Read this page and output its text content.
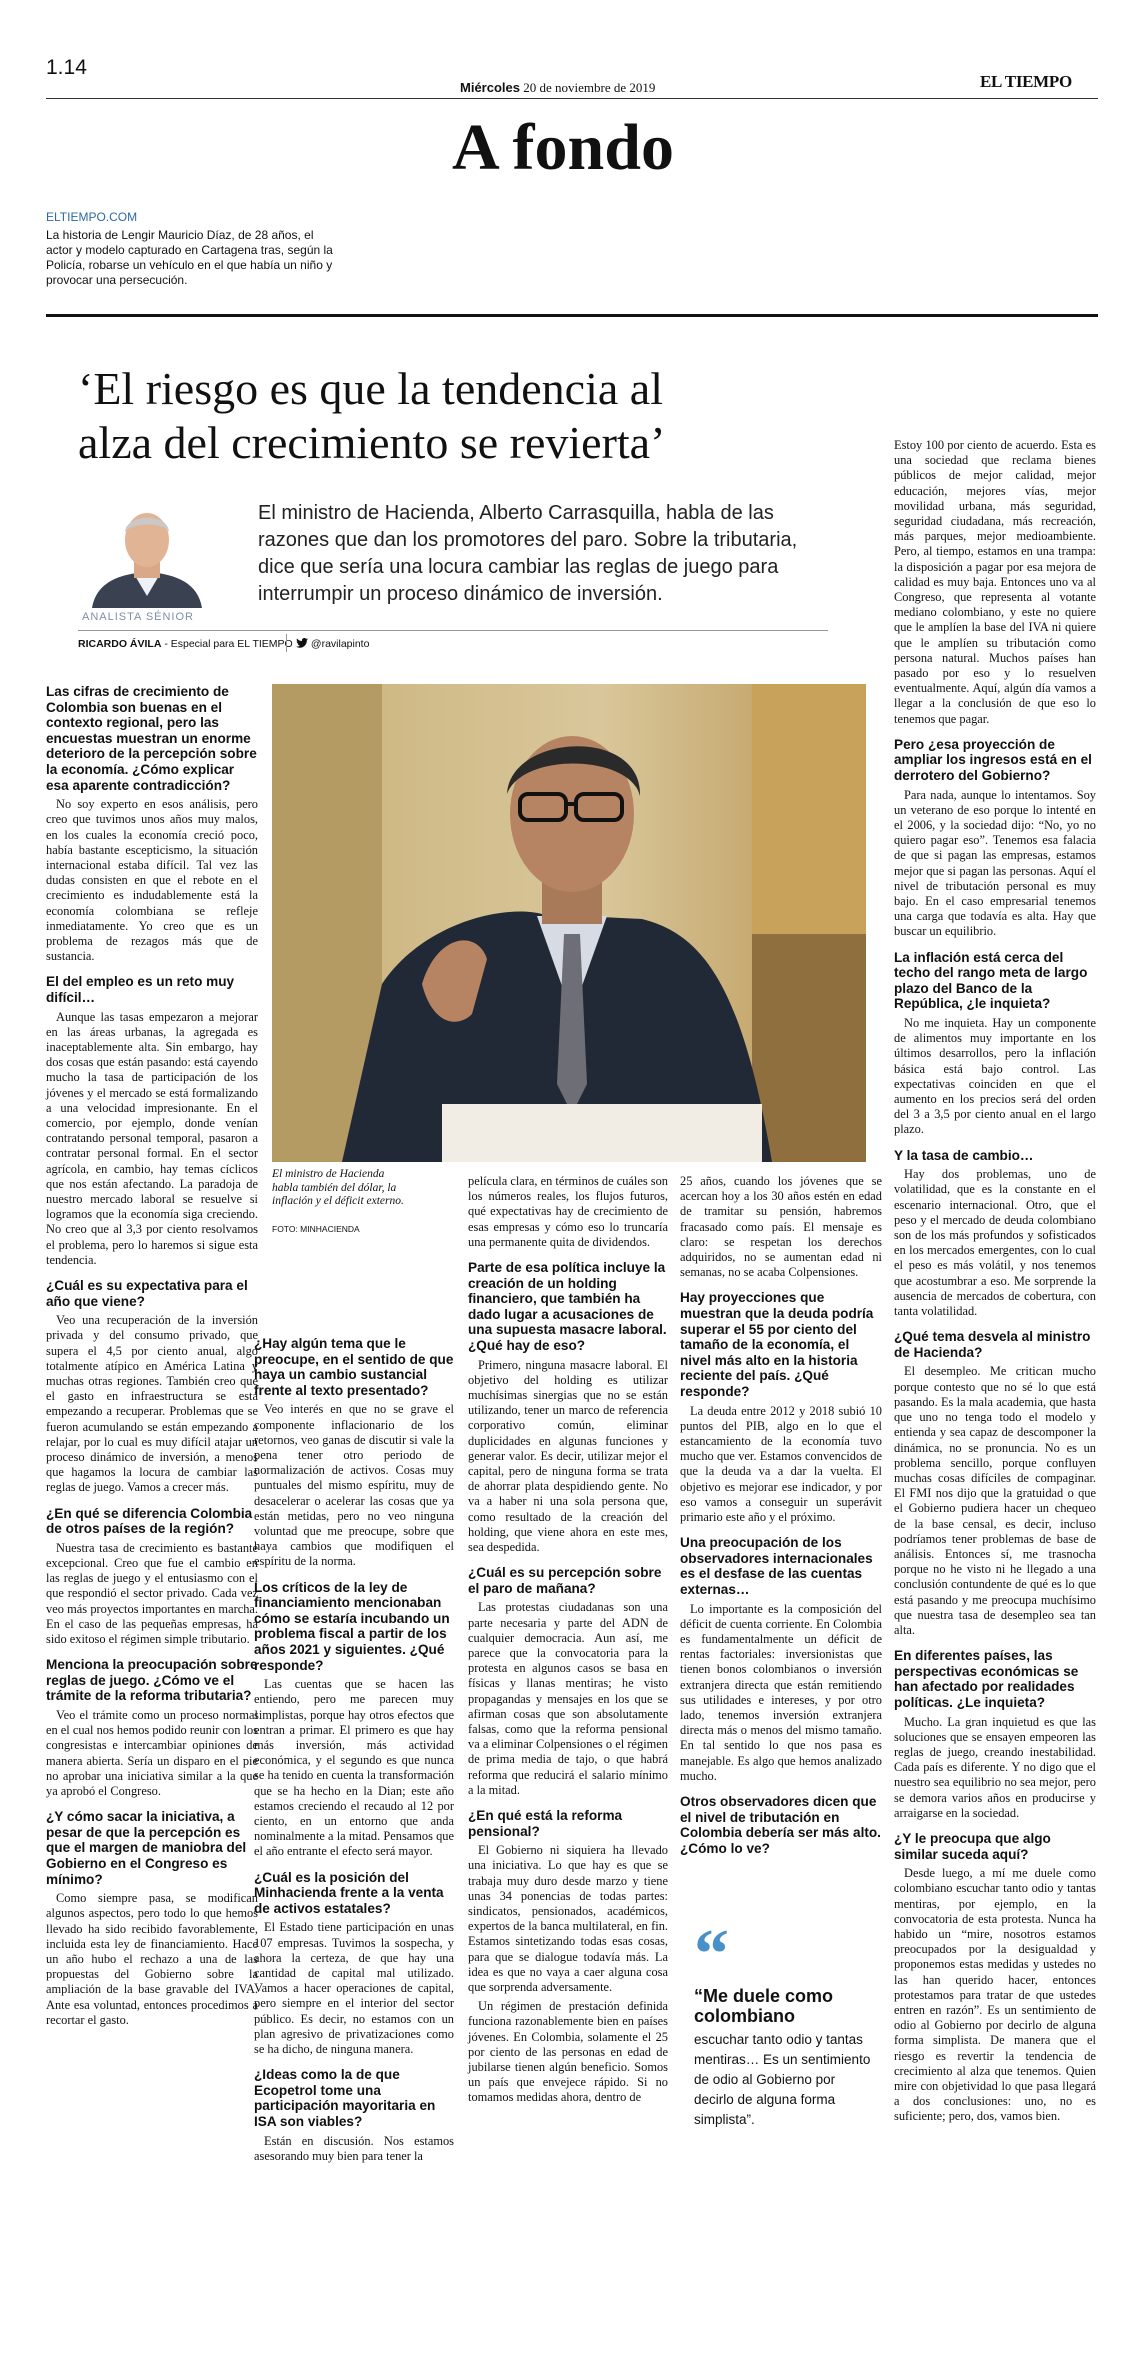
1.14
Miércoles 20 de noviembre de 2019	EL TIEMPO
A fondo
ELTIEMPO.COM
La historia de Lengir Mauricio Díaz, de 28 años, el actor y modelo capturado en Cartagena tras, según la Policía, robarse un vehículo en el que había un niño y provocar una persecución.
‘El riesgo es que la tendencia al
alza del crecimiento se revierta’
ANALISTA SÉNIOR
El ministro de Hacienda, Alberto Carrasquilla, habla de las razones que dan los promotores del paro. Sobre la tributaria, dice que sería una locura cambiar las reglas de juego para interrumpir un proceso dinámico de inversión.
RICARDO ÁVILA - Especial para EL TIEMPO	@ravilapinto
El ministro de Hacienda habla también del dólar, la inflación y el déficit externo.
FOTO: MINHACIENDA
Las cifras de crecimiento de Colombia son buenas en el contexto regional, pero las encuestas muestran un enorme deterioro de la percepción sobre la economía. ¿Cómo explicar esa aparente contradicción?

No soy experto en esos análisis, pero creo que tuvimos unos años muy malos, en los cuales la economía creció poco, había bastante escepticismo, la situación internacional estaba difícil. Tal vez las dudas consisten en que el rebote en el crecimiento es indudablemente está la economía colombiana se refleje inmediatamente. Yo creo que es un problema de rezagos más que de sustancia.

El del empleo es un reto muy difícil…

Aunque las tasas empezaron a mejorar en las áreas urbanas, la agregada es inaceptablemente alta. Sin embargo, hay dos cosas que están pasando: está cayendo mucho la tasa de participación de los jóvenes y el mercado se está formalizando a una velocidad impresionante. En el comercio, por ejemplo, donde venían contratando personal temporal, pasaron a contratar personal formal. En el sector agrícola, en cambio, hay temas cíclicos que nos están afectando. La paradoja de nuestro mercado laboral se resuelve si logramos que la economía siga creciendo. No creo que al 3,3 por ciento resolvamos el problema, pero lo haremos si sigue esta tendencia.

¿Cuál es su expectativa para el año que viene?

Veo una recuperación de la inversión privada y del consumo privado, que supera el 4,5 por ciento anual, algo totalmente atípico en América Latina y muchas otras regiones. También creo que el gasto en infraestructura se está empezando a recuperar. Problemas que se fueron acumulando se están empezando a relajar, por lo cual es muy difícil atajar un proceso dinámico de inversión, a menos que hagamos la locura de cambiar las reglas de juego. Vamos a crecer más.

¿En qué se diferencia Colombia de otros países de la región?

Nuestra tasa de crecimiento es bastante excepcional. Creo que fue el cambio en las reglas de juego y el entusiasmo con el que respondió el sector privado. Cada vez veo más proyectos importantes en marcha. En el caso de las pequeñas empresas, ha sido exitoso el régimen simple tributario.

Menciona la preocupación sobre reglas de juego. ¿Cómo ve el trámite de la reforma tributaria?

Veo el trámite como un proceso normal en el cual nos hemos podido reunir con los congresistas e intercambiar opiniones de manera abierta. Sería un disparo en el pie no aprobar una iniciativa similar a la que ya aprobó el Congreso.

¿Y cómo sacar la iniciativa, a pesar de que la percepción es que el margen de maniobra del Gobierno en el Congreso es mínimo?

Como siempre pasa, se modifican algunos aspectos, pero todo lo que hemos llevado ha sido recibido favorablemente, incluida esta ley de financiamiento. Hace un año hubo el rechazo a una de las propuestas del Gobierno sobre la ampliación de la base gravable del IVA. Ante esa voluntad, entonces procedimos a recortar el gasto.

¿Hay algún tema que le preocupe, en el sentido de que haya un cambio sustancial frente al texto presentado?

Veo interés en que no se grave el componente inflacionario de los retornos, veo ganas de discutir si vale la pena tener otro periodo de normalización de activos. Cosas muy puntuales del mismo espíritu, muy de desacelerar o acelerar las cosas que ya están metidas, pero no veo ninguna voluntad que me preocupe, sobre que haya cambios que modifiquen el espíritu de la norma.

Los críticos de la ley de financiamiento mencionaban cómo se estaría incubando un problema fiscal a partir de los años 2021 y siguientes. ¿Qué responde?

Las cuentas que se hacen las entiendo, pero me parecen muy simplistas, porque hay otros efectos que entran a primar. El primero es que hay más inversión, más actividad económica, y el segundo es que nunca se ha tenido en cuenta la transformación que se ha hecho en la Dian; este año estamos creciendo el recaudo al 12 por ciento, en un entorno que anda nominalmente a la mitad. Pensamos que el año entrante el efecto será mayor.

¿Cuál es la posición del Minhacienda frente a la venta de activos estatales?

El Estado tiene participación en unas 107 empresas. Tuvimos la sospecha, y ahora la certeza, de que hay una cantidad de capital mal utilizado. Vamos a hacer operaciones de capital, pero siempre en el interior del sector público. Es decir, no estamos con un plan agresivo de privatizaciones como se ha dicho, de ninguna manera.

¿Ideas como la de que Ecopetrol tome una participación mayoritaria en ISA son viables?

Están en discusión. Nos estamos asesorando muy bien para tener la

película clara, en términos de cuáles son los números reales, los flujos futuros, qué expectativas hay de crecimiento de esas empresas y cómo eso lo truncaría una permanente quita de dividendos.

Parte de esa política incluye la creación de un holding financiero, que también ha dado lugar a acusaciones de una supuesta masacre laboral. ¿Qué hay de eso?

Primero, ninguna masacre laboral. El objetivo del holding es utilizar muchísimas sinergias que no se están utilizando, tener un marco de referencia corporativo común, eliminar duplicidades en algunas funciones y generar valor. Es decir, utilizar mejor el capital, pero de ninguna forma se trata de ahorrar plata despidiendo gente. No va a haber ni una sola persona que, como resultado de la creación del holding, que viene ahora en este mes, sea despedida.

¿Cuál es su percepción sobre el paro de mañana?

Las protestas ciudadanas son una parte necesaria y parte del ADN de cualquier democracia. Aun así, me parece que la convocatoria para la protesta en algunos casos se basa en físicas y llanas mentiras; he visto propagandas y mensajes en los que se afirman cosas que son absolutamente falsas, como que la reforma pensional va a eliminar Colpensiones o el régimen de prima media de tajo, o que habrá reforma que reducirá el salario mínimo a la mitad.

¿En qué está la reforma pensional?

El Gobierno ni siquiera ha llevado una iniciativa. Lo que hay es que se trabaja muy duro desde marzo y tiene unas 34 ponencias de todas partes: sindicatos, pensionados, académicos, expertos de la banca multilateral, en fin. Estamos sintetizando todas esas cosas, para que se dialogue todavía más. La idea es que no vaya a caer alguna cosa que sorprenda adversamente.

Un régimen de prestación definida funciona razonablemente bien en países jóvenes. En Colombia, solamente el 25 por ciento de las personas en edad de jubilarse tienen algún beneficio. Somos un país que envejece rápido. Si no tomamos medidas ahora, dentro de

25 años, cuando los jóvenes que se acercan hoy a los 30 años estén en edad de tramitar su pensión, habremos fracasado como país. El mensaje es claro: se respetan los derechos adquiridos, no se aumentan edad ni semanas, no se acaba Colpensiones.

Hay proyecciones que muestran que la deuda podría superar el 55 por ciento del tamaño de la economía, el nivel más alto en la historia reciente del país. ¿Qué responde?

La deuda entre 2012 y 2018 subió 10 puntos del PIB, algo en lo que el estancamiento de la economía tuvo mucho que ver. Estamos convencidos de que la deuda va a dar la vuelta. El objetivo es mejorar ese indicador, y por eso vamos a conseguir un superávit primario este año y el próximo.

Una preocupación de los observadores internacionales es el desfase de las cuentas externas…

Lo importante es la composición del déficit de cuenta corriente. En Colombia es fundamentalmente un déficit de rentas factoriales: inversionistas que tienen bonos colombianos o inversión extranjera directa que están remitiendo sus utilidades e intereses, y por otro lado, tenemos inversión extranjera directa más o menos del mismo tamaño. En tal sentido lo que nos pasa es manejable. Es algo que hemos analizado mucho.

Otros observadores dicen que el nivel de tributación en Colombia debería ser más alto. ¿Cómo lo ve?

Estoy 100 por ciento de acuerdo. Esta es una sociedad que reclama bienes públicos de mejor calidad, mejor educación, mejores vías, mejor movilidad urbana, más seguridad, seguridad ciudadana, más recreación, más parques, mejor medioambiente. Pero, al tiempo, estamos en una trampa: la disposición a pagar por esa mejora de calidad es muy baja. Entonces uno va al Congreso, que representa al votante mediano colombiano, y este no quiere que le amplíen la base del IVA ni quiere que le amplíen su tributación como persona natural. Muchos países han pasado por eso y lo resuelven eventualmente. Aquí, algún día vamos a llegar a la conclusión de que eso lo tenemos que pagar.

Pero ¿esa proyección de ampliar los ingresos está en el derrotero del Gobierno?

Para nada, aunque lo intentamos. Soy un veterano de eso porque lo intenté en el 2006, y la sociedad dijo: “No, yo no quiero pagar eso”. Tenemos esa falacia de que si pagan las empresas, estamos mejor que si pagan las personas. Aquí el nivel de tributación personal es muy bajo. En el caso empresarial tenemos una carga que todavía es alta. Hay que buscar un equilibrio.

La inflación está cerca del techo del rango meta de largo plazo del Banco de la República, ¿le inquieta?

No me inquieta. Hay un componente de alimentos muy importante en los últimos desarrollos, pero la inflación básica está bajo control. Las expectativas coinciden en que el aumento en los precios será del orden del 3 a 3,5 por ciento anual en el largo plazo.

Y la tasa de cambio…

Hay dos problemas, uno de volatilidad, que es la constante en el escenario internacional. Otro, que el peso y el mercado de deuda colombiano son de los más profundos y sofisticados en los mercados emergentes, con lo cual el peso es más volátil, y nos tenemos que acostumbrar a eso. Me sorprende la ausencia de mercados de cobertura, con tanta volatilidad.

¿Qué tema desvela al ministro de Hacienda?

El desempleo. Me critican mucho porque contesto que no sé lo que está pasando. Es la mala academia, que hasta que uno no tenga todo el modelo y entienda y sea capaz de descomponer la dinámica, no se pronuncia. No es un problema sencillo, porque confluyen muchas cosas difíciles de compaginar. El FMI nos dijo que la gratuidad o que el Gobierno pudiera hacer un chequeo de la base censal, es decir, incluso podríamos tener problemas de base de análisis. Entonces sí, me trasnocha porque no he visto ni he llegado a una conclusión contundente de qué es lo que está pasando y me preocupa muchísimo que nuestra tasa de desempleo sea tan alta.

En diferentes países, las perspectivas económicas se han afectado por realidades políticas. ¿Le inquieta?

Mucho. La gran inquietud es que las soluciones que se ensayen empeoren las reglas de juego, creando inestabilidad. Cada país es diferente. Y no digo que el nuestro sea equilibrio no sea mejor, pero se demora varios años en producirse y arraigarse en la sociedad.

¿Y le preocupa que algo similar suceda aquí?

Desde luego, a mí me duele como colombiano escuchar tanto odio y tantas mentiras, por ejemplo, en la convocatoria de esta protesta. Nunca ha habido un “mire, nosotros estamos preocupados por la desigualdad y proponemos estas medidas y ustedes no las han querido hacer, entonces protestamos para tratar de que ustedes entren en razón”. Es un sentimiento de odio al Gobierno por decirlo de alguna forma simplista. De manera que el riesgo es revertir la tendencia de crecimiento al alza que tenemos. Quien mire con objetividad lo que pasa llegará a dos conclusiones: uno, no es suficiente; pero, dos, vamos bien.

“
“Me duele como colombiano
escuchar tanto odio y tantas mentiras… Es un sentimiento de odio al Gobierno por decirlo de alguna forma simplista”.
